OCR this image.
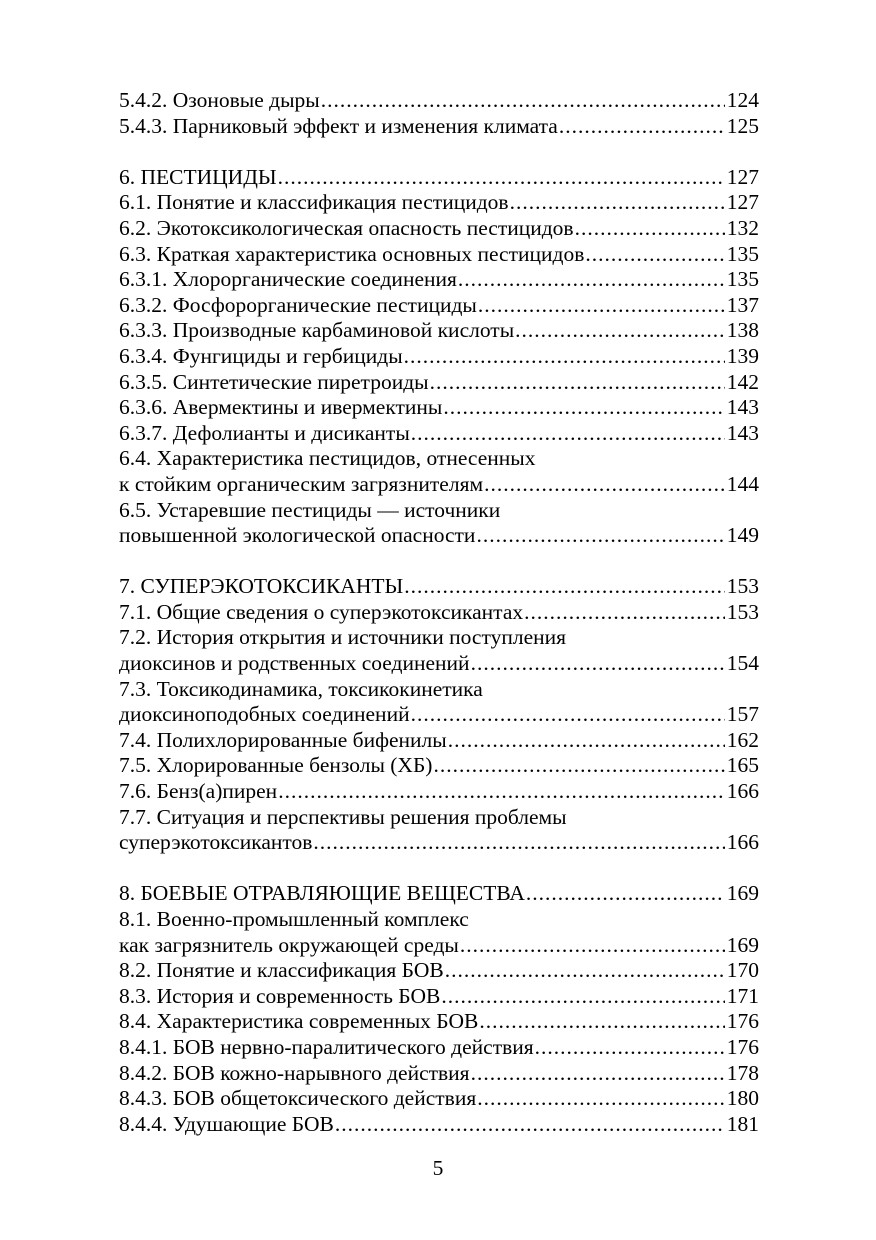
5.4.2. Озоновые дыры .....	124
5.4.3. Парниковый эффект и изменения климата .....	125
6. ПЕСТИЦИДЫ .....	127
6.1. Понятие и классификация пестицидов .....	127
6.2. Экотоксикологическая опасность пестицидов .....	132
6.3. Краткая характеристика основных пестицидов .....	135
6.3.1. Хлорорганические соединения .....	135
6.3.2. Фосфорорганические пестициды .....	137
6.3.3. Производные карбаминовой кислоты .....	138
6.3.4. Фунгициды и гербициды .....	139
6.3.5. Синтетические пиретроиды .....	142
6.3.6. Авермектины и ивермектины .....	143
6.3.7. Дефолианты и дисиканты .....	143
6.4. Характеристика пестицидов, отнесенных
к стойким органическим загрязнителям .....	144
6.5. Устаревшие пестициды — источники
повышенной экологической опасности .....	149
7. СУПЕРЭКОТОКСИКАНТЫ .....	153
7.1. Общие сведения о суперэкотоксикантах .....	153
7.2. История открытия и источники поступления
диоксинов и родственных соединений .....	154
7.3. Токсикодинамика, токсикокинетика
диоксиноподобных соединений .....	157
7.4. Полихлорированные бифенилы .....	162
7.5. Хлорированные бензолы (ХБ) .....	165
7.6. Бенз(а)пирен .....	166
7.7. Ситуация и перспективы решения проблемы
суперэкотоксикантов .....	166
8. БОЕВЫЕ ОТРАВЛЯЮЩИЕ ВЕЩЕСТВА .....	169
8.1. Военно-промышленный комплекс
как загрязнитель окружающей среды .....	169
8.2. Понятие и классификация БОВ .....	170
8.3. История и современность БОВ .....	171
8.4. Характеристика современных БОВ .....	176
8.4.1. БОВ нервно-паралитического действия .....	176
8.4.2. БОВ кожно-нарывного действия .....	178
8.4.3. БОВ общетоксического действия .....	180
8.4.4. Удушающие БОВ .....	181
5
